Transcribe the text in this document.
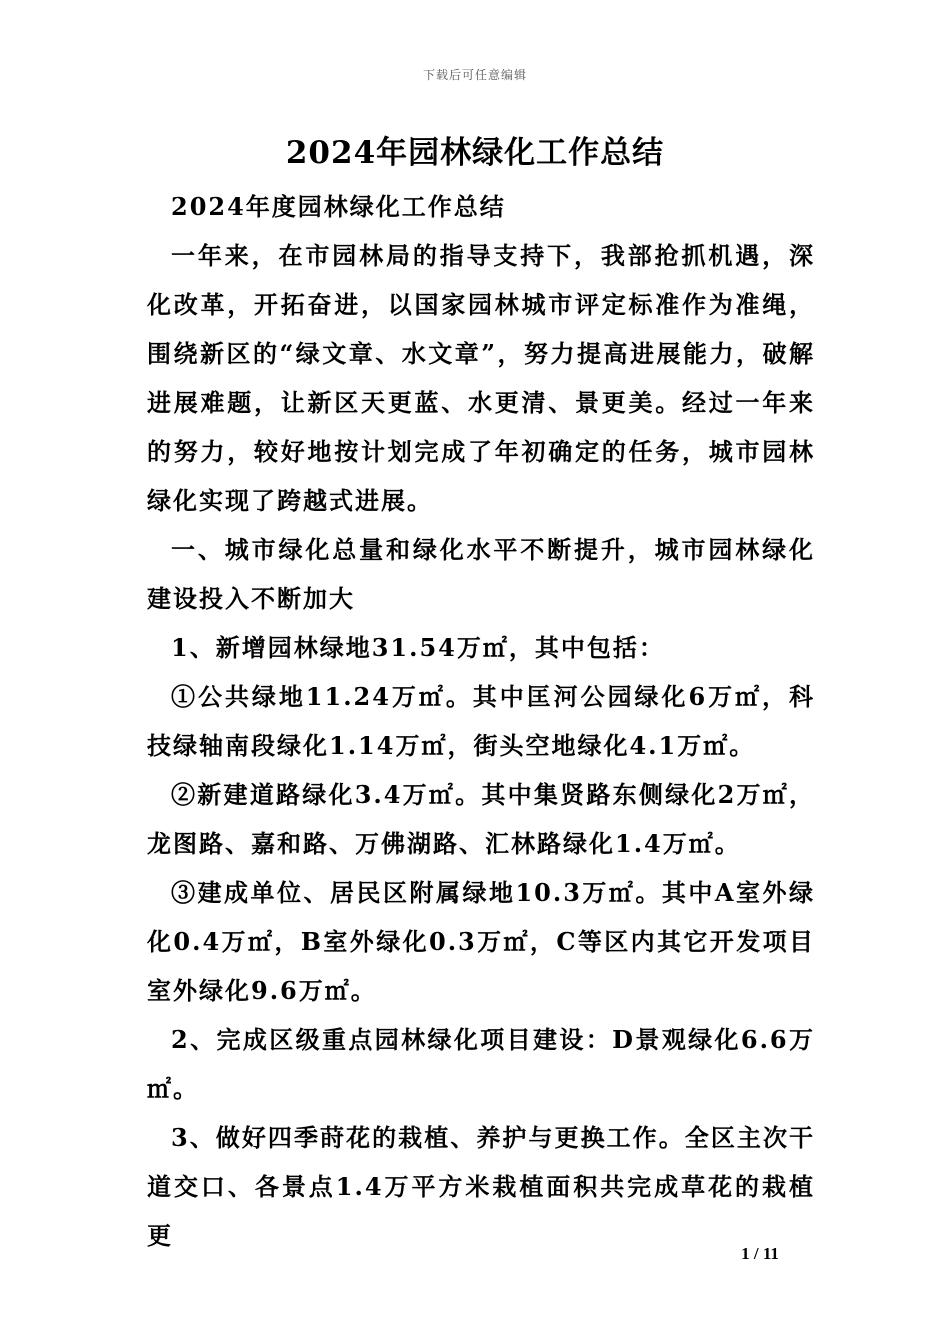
下载后可任意编辑
2024年园林绿化工作总结

2024年度园林绿化工作总结

一年来，在市园林局的指导支持下，我部抢抓机遇，深化改革，开拓奋进，以国家园林城市评定标准作为准绳，围绕新区的“绿文章、水文章”，努力提高进展能力，破解进展难题，让新区天更蓝、水更清、景更美。经过一年来的努力，较好地按计划完成了年初确定的任务，城市园林绿化实现了跨越式进展。

一、城市绿化总量和绿化水平不断提升，城市园林绿化建设投入不断加大

1、新增园林绿地31.54万㎡，其中包括：

①公共绿地11.24万㎡。其中匡河公园绿化6万㎡，科技绿轴南段绿化1.14万㎡，街头空地绿化4.1万㎡。

②新建道路绿化3.4万㎡。其中集贤路东侧绿化2万㎡，龙图路、嘉和路、万佛湖路、汇林路绿化1.4万㎡。

③建成单位、居民区附属绿地10.3万㎡。其中A室外绿化0.4万㎡，B室外绿化0.3万㎡，C等区内其它开发项目室外绿化9.6万㎡。

2、完成区级重点园林绿化项目建设：D景观绿化6.6万㎡。

3、做好四季莳花的栽植、养护与更换工作。全区主次干道交口、各景点1.4万平方米栽植面积共完成草花的栽植更

1 / 11
